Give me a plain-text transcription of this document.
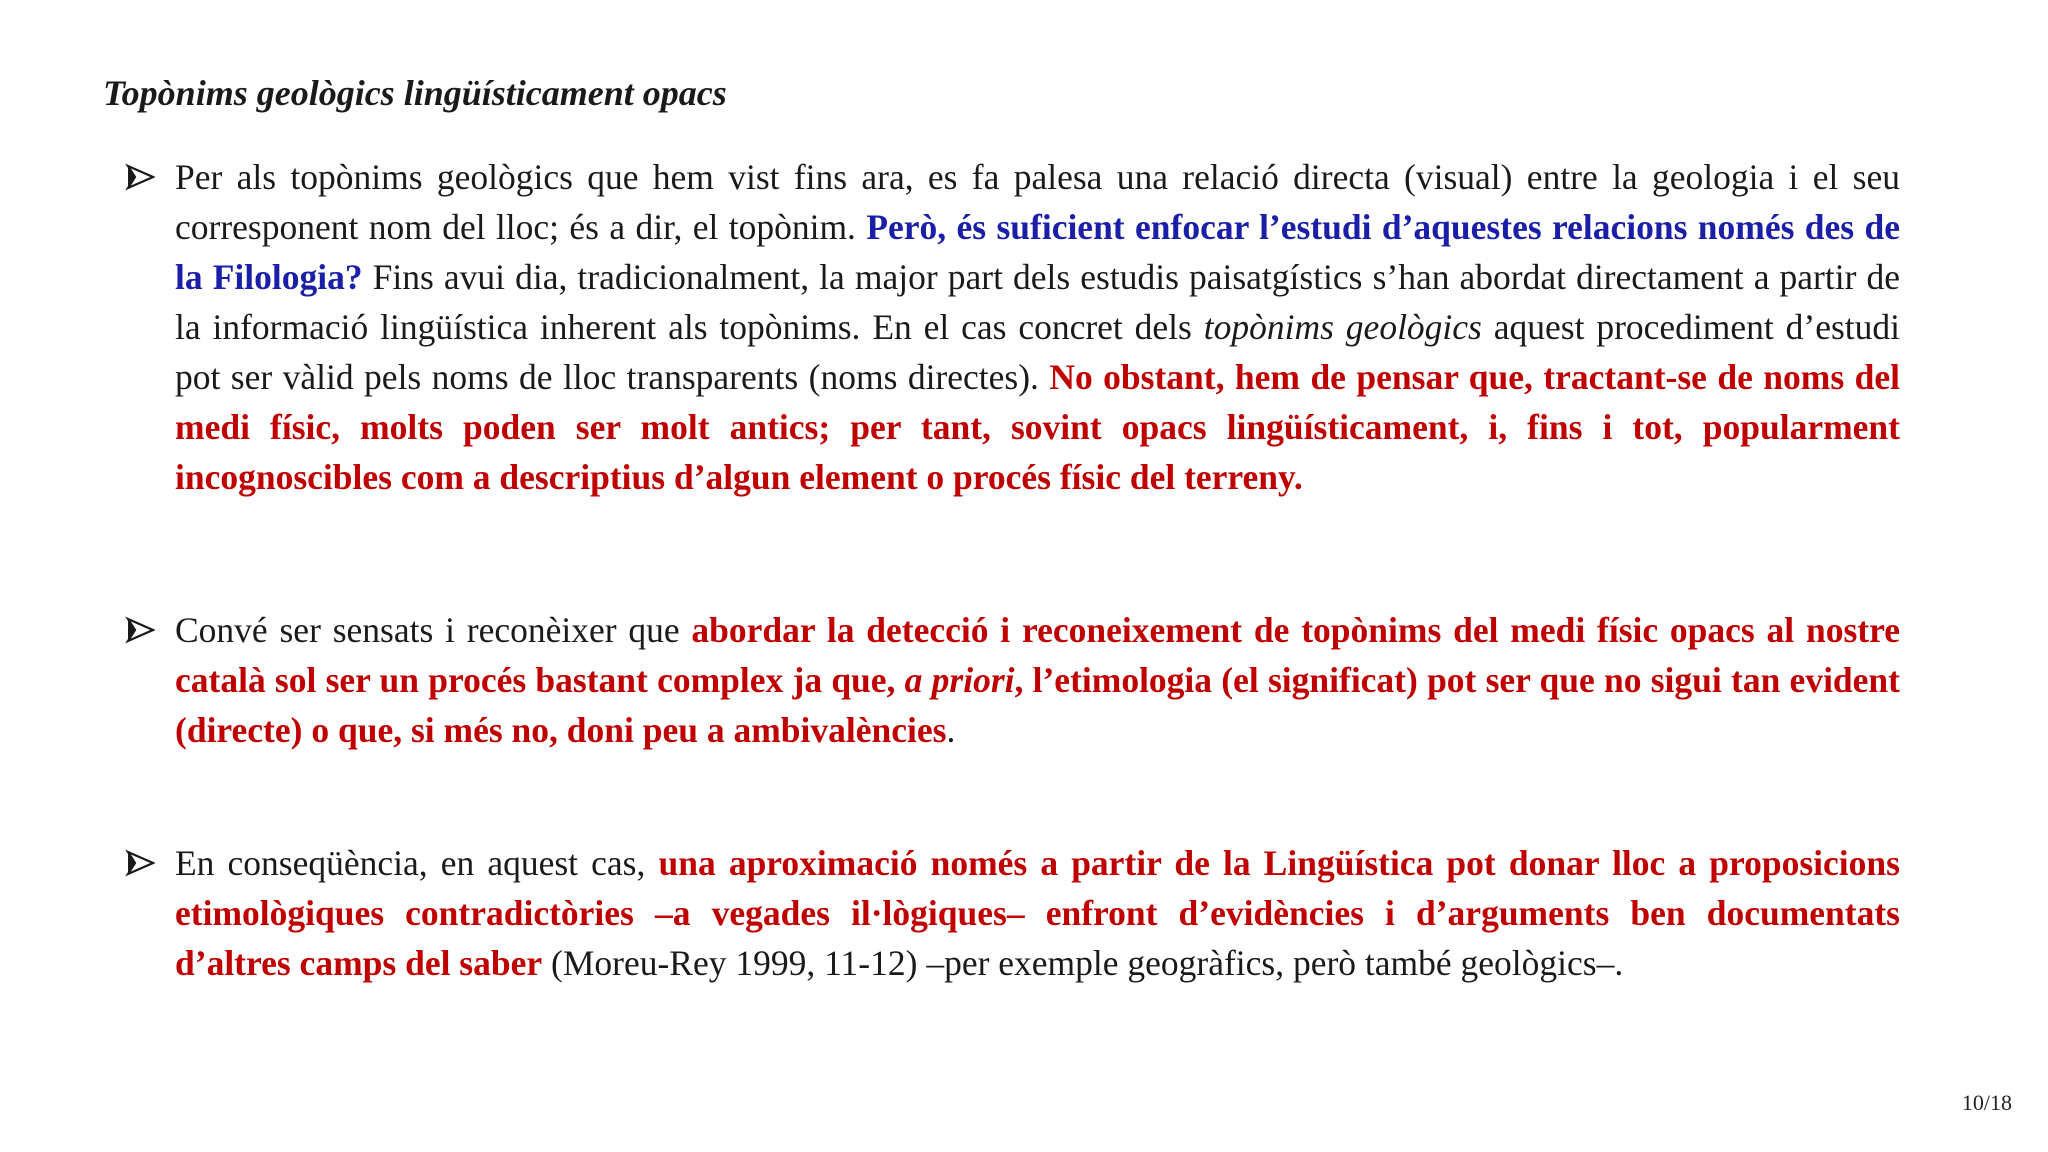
Topònims geològics lingüísticament opacs
Per als topònims geològics que hem vist fins ara, es fa palesa una relació directa (visual) entre la geologia i el seu corresponent nom del lloc; és a dir, el topònim. Però, és suficient enfocar l’estudi d’aquestes relacions només des de la Filologia? Fins avui dia, tradicionalment, la major part dels estudis paisatgístics s’han abordat directament a partir de la informació lingüística inherent als topònims. En el cas concret dels topònims geològics aquest procediment d’estudi pot ser vàlid pels noms de lloc transparents (noms directes). No obstant, hem de pensar que, tractant-se de noms del medi físic, molts poden ser molt antics; per tant, sovint opacs lingüísticament, i, fins i tot, popularment incognoscibles com a descriptius d’algun element o procés físic del terreny.
Convé ser sensats i reconèixer que abordar la detecció i reconeixement de topònims del medi físic opacs al nostre català sol ser un procés bastant complex ja que, a priori, l’etimologia (el significat) pot ser que no sigui tan evident (directe) o que, si més no, doni peu a ambivalències.
En conseqüència, en aquest cas, una aproximació només a partir de la Lingüística pot donar lloc a proposicions etimològiques contradictòries –a vegades il·lògiques– enfront d’evidències i d’arguments ben documentats d’altres camps del saber (Moreu-Rey 1999, 11-12) –per exemple geogràfics, però també geològics–.
10/18
